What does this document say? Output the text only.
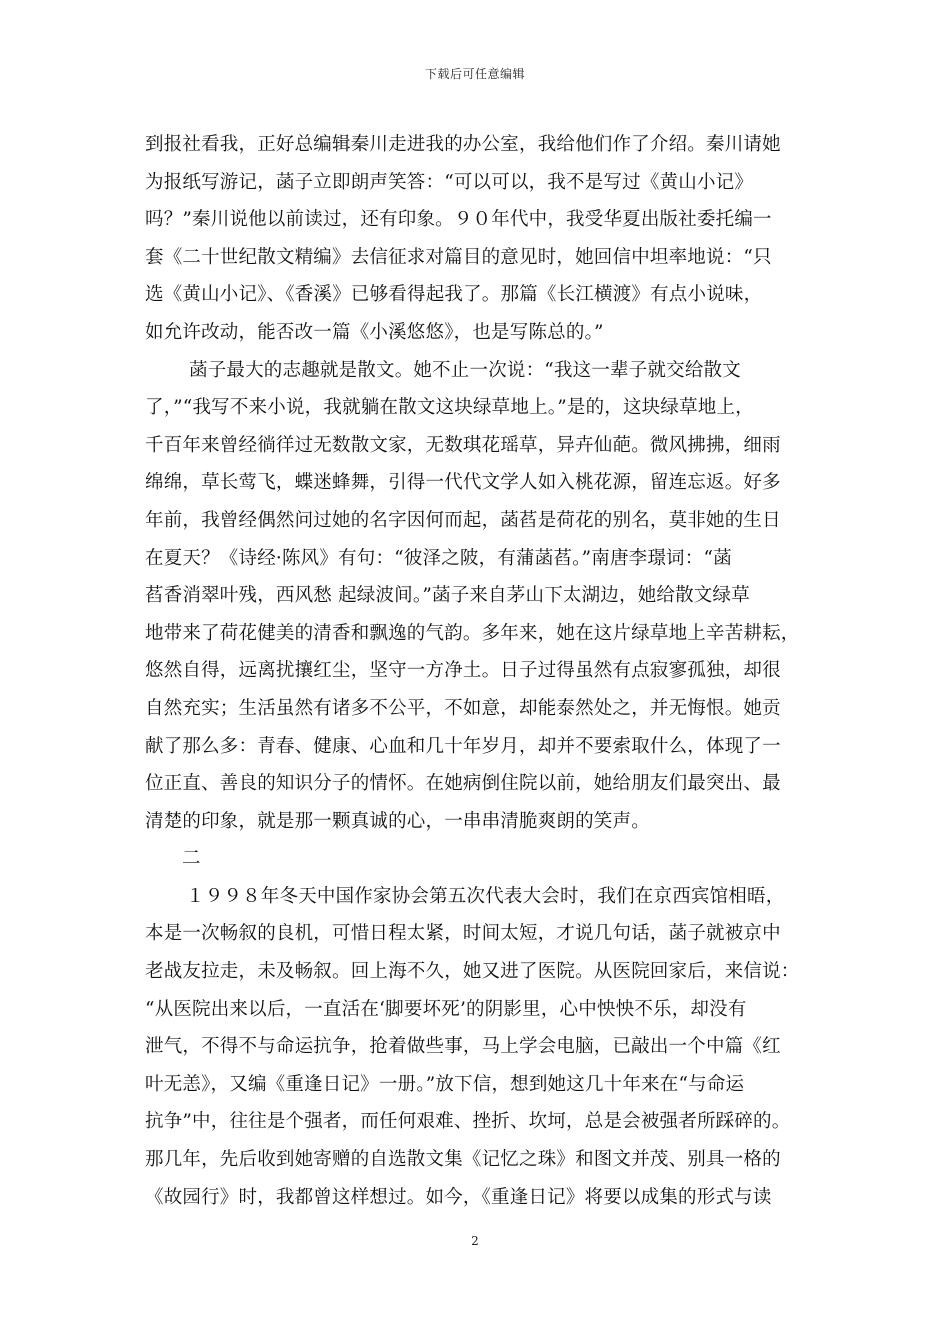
下载后可任意编辑
到报社看我，正好总编辑秦川走进我的办公室，我给他们作了介绍。秦川请她
为报纸写游记，菡子立即朗声笑答：“可以可以，我不是写过《黄山小记》
吗？”秦川说他以前读过，还有印象。９０年代中，我受华夏出版社委托编一
套《二十世纪散文精编》去信征求对篇目的意见时，她回信中坦率地说：“只
选《黄山小记》、《香溪》已够看得起我了。那篇《长江横渡》有点小说味，
如允许改动，能否改一篇《小溪悠悠》，也是写陈总的。”
菡子最大的志趣就是散文。她不止一次说：“我这一辈子就交给散文
了，”“我写不来小说，我就躺在散文这块绿草地上。”是的，这块绿草地上，
千百年来曾经徜徉过无数散文家，无数琪花瑶草，异卉仙葩。微风拂拂，细雨
绵绵，草长莺飞，蝶迷蜂舞，引得一代代文学人如入桃花源，留连忘返。好多
年前，我曾经偶然问过她的名字因何而起，菡萏是荷花的别名，莫非她的生日
在夏天？《诗经·陈风》有句：“彼泽之陂，有蒲菡萏。”南唐李璟词：“菡
萏香消翠叶残，西风愁 起绿波间。”菡子来自茅山下太湖边，她给散文绿草
地带来了荷花健美的清香和飘逸的气韵。多年来，她在这片绿草地上辛苦耕耘，
悠然自得，远离扰攘红尘，坚守一方净土。日子过得虽然有点寂寥孤独，却很
自然充实；生活虽然有诸多不公平，不如意，却能泰然处之，并无悔恨。她贡
献了那么多：青春、健康、心血和几十年岁月，却并不要索取什么，体现了一
位正直、善良的知识分子的情怀。在她病倒住院以前，她给朋友们最突出、最
清楚的印象，就是那一颗真诚的心，一串串清脆爽朗的笑声。
二
１９９８年冬天中国作家协会第五次代表大会时，我们在京西宾馆相晤，
本是一次畅叙的良机，可惜日程太紧，时间太短，才说几句话，菡子就被京中
老战友拉走，未及畅叙。回上海不久，她又进了医院。从医院回家后，来信说：
“从医院出来以后，一直活在‘脚要坏死’的阴影里，心中怏怏不乐，却没有
泄气，不得不与命运抗争，抢着做些事，马上学会电脑，已敲出一个中篇《红
叶无恙》，又编《重逢日记》一册。”放下信，想到她这几十年来在“与命运
抗争”中，往往是个强者，而任何艰难、挫折、坎坷，总是会被强者所踩碎的。
那几年，先后收到她寄赠的自选散文集《记忆之珠》和图文并茂、别具一格的
《故园行》时，我都曾这样想过。如今，《重逢日记》将要以成集的形式与读
2
